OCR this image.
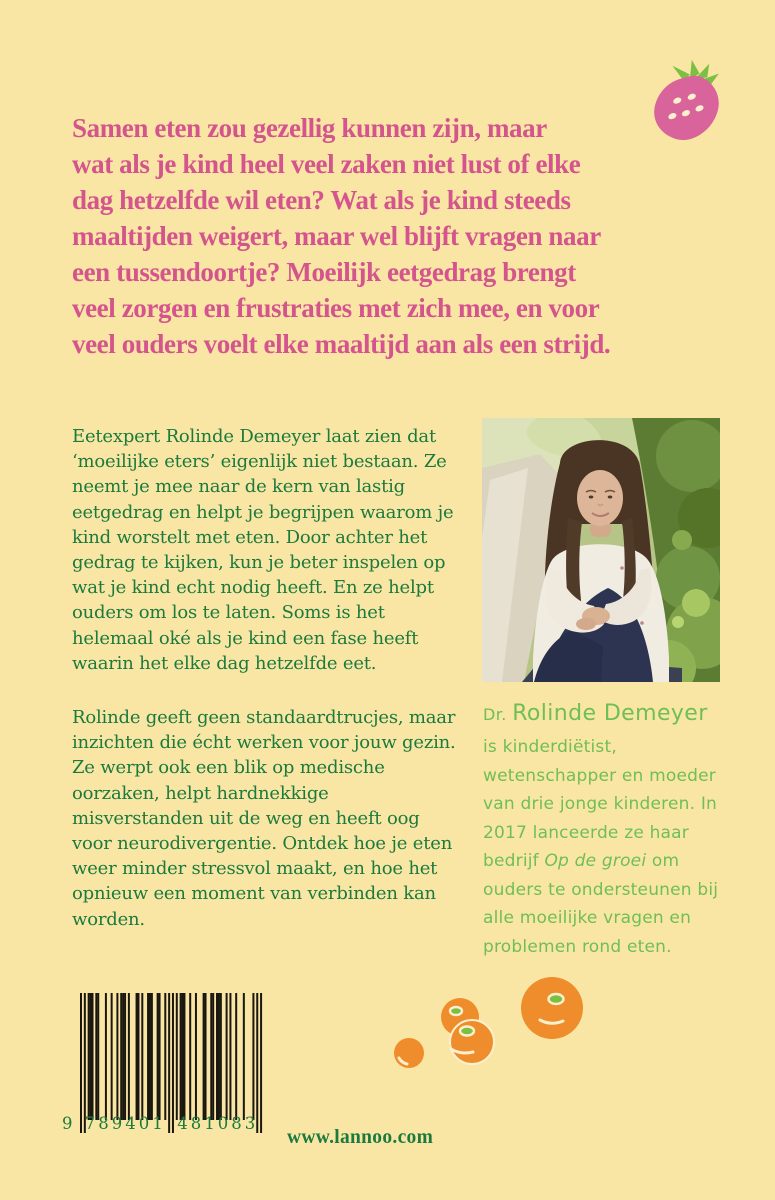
Samen eten zou gezellig kunnen zijn, maar
wat als je kind heel veel zaken niet lust of elke
dag hetzelfde wil eten? Wat als je kind steeds
maaltijden weigert, maar wel blijft vragen naar
een tussendoortje? Moeilijk eetgedrag brengt
veel zorgen en frustraties met zich mee, en voor
veel ouders voelt elke maaltijd aan als een strijd.

Eetexpert Rolinde Demeyer laat zien dat ‘moeilijke eters’ eigenlijk niet bestaan. Ze neemt je mee naar de kern van lastig eetgedrag en helpt je begrijpen waarom je kind worstelt met eten. Door achter het gedrag te kijken, kun je beter inspelen op wat je kind echt nodig heeft. En ze helpt ouders om los te laten. Soms is het helemaal oké als je kind een fase heeft waarin het elke dag hetzelfde eet.

Rolinde geeft geen standaardtrucjes, maar inzichten die écht werken voor jouw gezin. Ze werpt ook een blik op medische oorzaken, helpt hardnekkige misverstanden uit de weg en heeft oog voor neurodivergentie. Ontdek hoe je eten weer minder stressvol maakt, en hoe het opnieuw een moment van verbinden kan worden.

Dr. Rolinde Demeyer

is kinderdiëtist, wetenschapper en moeder van drie jonge kinderen. In 2017 lanceerde ze haar bedrijf Op de groei om ouders te ondersteunen bij alle moeilijke vragen en problemen rond eten.

9 789401 481083
www.lannoo.com
